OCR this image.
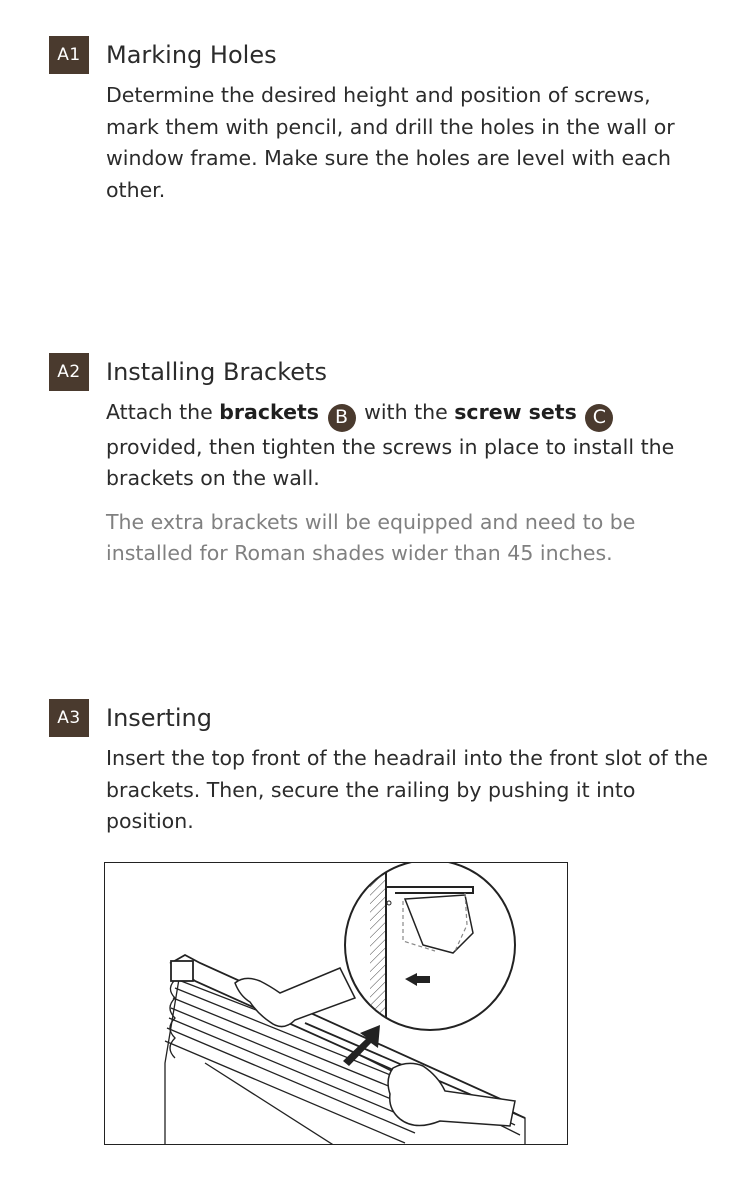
A1	Marking Holes

Determine the desired height and position of screws, mark them with pencil, and drill the holes in the wall or window frame. Make sure the holes are level with each other.

A2	Installing Brackets

Attach the brackets B with the screw sets C provided, then tighten the screws in place to install the brackets on the wall.

The extra brackets will be equipped and need to be installed for Roman shades wider than 45 inches.

A3	Inserting

Insert the top front of the headrail into the front slot of the brackets. Then, secure the railing by pushing it into position.
